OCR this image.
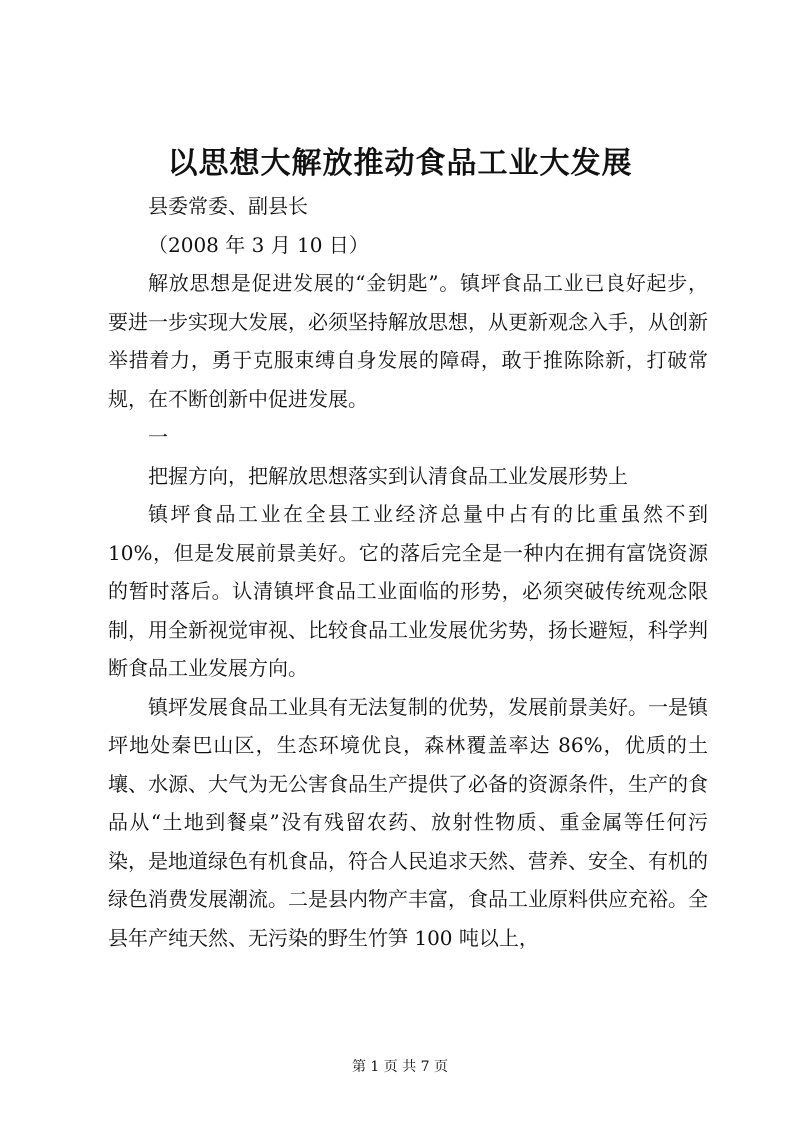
以思想大解放推动食品工业大发展

县委常委、副县长

（2008 年 3 月 10 日）

解放思想是促进发展的“金钥匙”。镇坪食品工业已良好起步，要进一步实现大发展，必须坚持解放思想，从更新观念入手，从创新举措着力，勇于克服束缚自身发展的障碍，敢于推陈除新，打破常规，在不断创新中促进发展。

一

把握方向，把解放思想落实到认清食品工业发展形势上

镇坪食品工业在全县工业经济总量中占有的比重虽然不到 10%，但是发展前景美好。它的落后完全是一种内在拥有富饶资源的暂时落后。认清镇坪食品工业面临的形势，必须突破传统观念限制，用全新视觉审视、比较食品工业发展优劣势，扬长避短，科学判断食品工业发展方向。

镇坪发展食品工业具有无法复制的优势，发展前景美好。一是镇坪地处秦巴山区，生态环境优良，森林覆盖率达 86%，优质的土壤、水源、大气为无公害食品生产提供了必备的资源条件，生产的食品从“土地到餐桌”没有残留农药、放射性物质、重金属等任何污染，是地道绿色有机食品，符合人民追求天然、营养、安全、有机的绿色消费发展潮流。二是县内物产丰富，食品工业原料供应充裕。全县年产纯天然、无污染的野生竹笋 100 吨以上，

第 1 页 共 7 页
